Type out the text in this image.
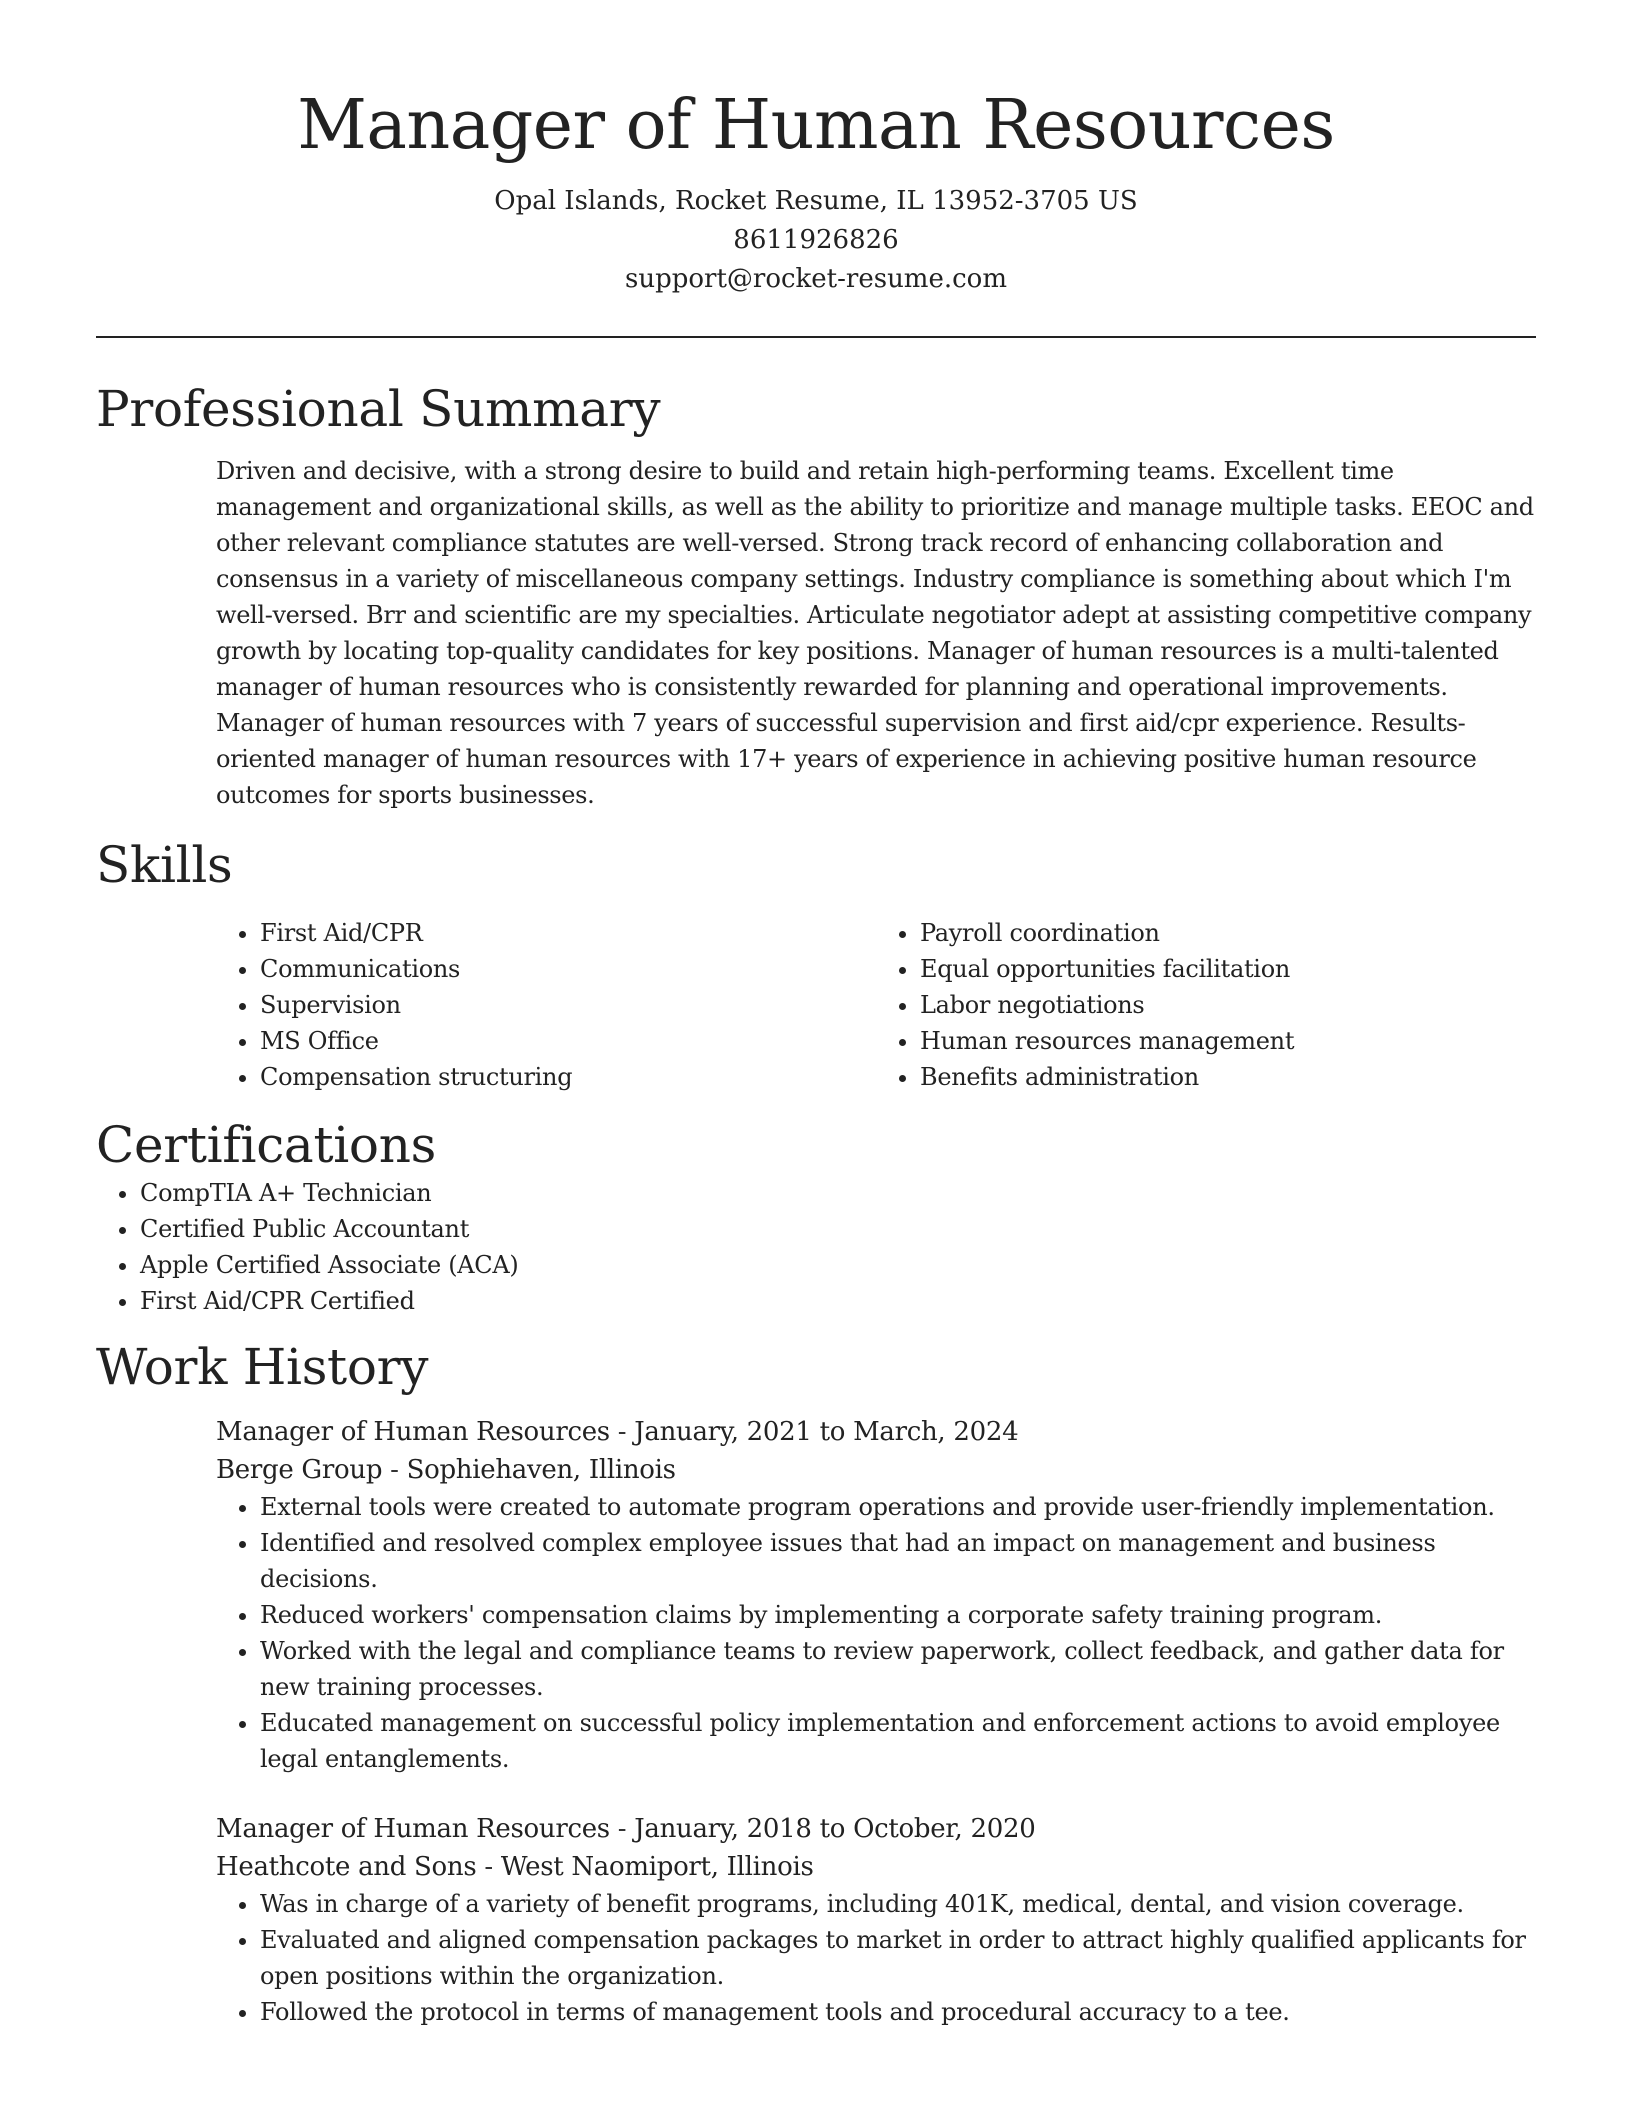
Manager of Human Resources
Opal Islands, Rocket Resume, IL 13952-3705 US
8611926826
support@rocket-resume.com
Professional Summary

Driven and decisive, with a strong desire to build and retain high-performing teams. Excellent time management and organizational skills, as well as the ability to prioritize and manage multiple tasks. EEOC and other relevant compliance statutes are well-versed. Strong track record of enhancing collaboration and consensus in a variety of miscellaneous company settings. Industry compliance is something about which I'm well-versed. Brr and scientific are my specialties. Articulate negotiator adept at assisting competitive company growth by locating top-quality candidates for key positions. Manager of human resources is a multi-talented manager of human resources who is consistently rewarded for planning and operational improvements. Manager of human resources with 7 years of successful supervision and first aid/cpr experience. Results-oriented manager of human resources with 17+ years of experience in achieving positive human resource outcomes for sports businesses.

Skills
• First Aid/CPR
• Communications
• Supervision
• MS Office
• Compensation structuring
• Payroll coordination
• Equal opportunities facilitation
• Labor negotiations
• Human resources management
• Benefits administration
Certifications
• CompTIA A+ Technician
• Certified Public Accountant
• Apple Certified Associate (ACA)
• First Aid/CPR Certified
Work History
Manager of Human Resources - January, 2021 to March, 2024
Berge Group - Sophiehaven, Illinois
• External tools were created to automate program operations and provide user-friendly implementation.
• Identified and resolved complex employee issues that had an impact on management and business decisions.
• Reduced workers' compensation claims by implementing a corporate safety training program.
• Worked with the legal and compliance teams to review paperwork, collect feedback, and gather data for new training processes.
• Educated management on successful policy implementation and enforcement actions to avoid employee legal entanglements.
Manager of Human Resources - January, 2018 to October, 2020
Heathcote and Sons - West Naomiport, Illinois
• Was in charge of a variety of benefit programs, including 401K, medical, dental, and vision coverage.
• Evaluated and aligned compensation packages to market in order to attract highly qualified applicants for open positions within the organization.
• Followed the protocol in terms of management tools and procedural accuracy to a tee.
